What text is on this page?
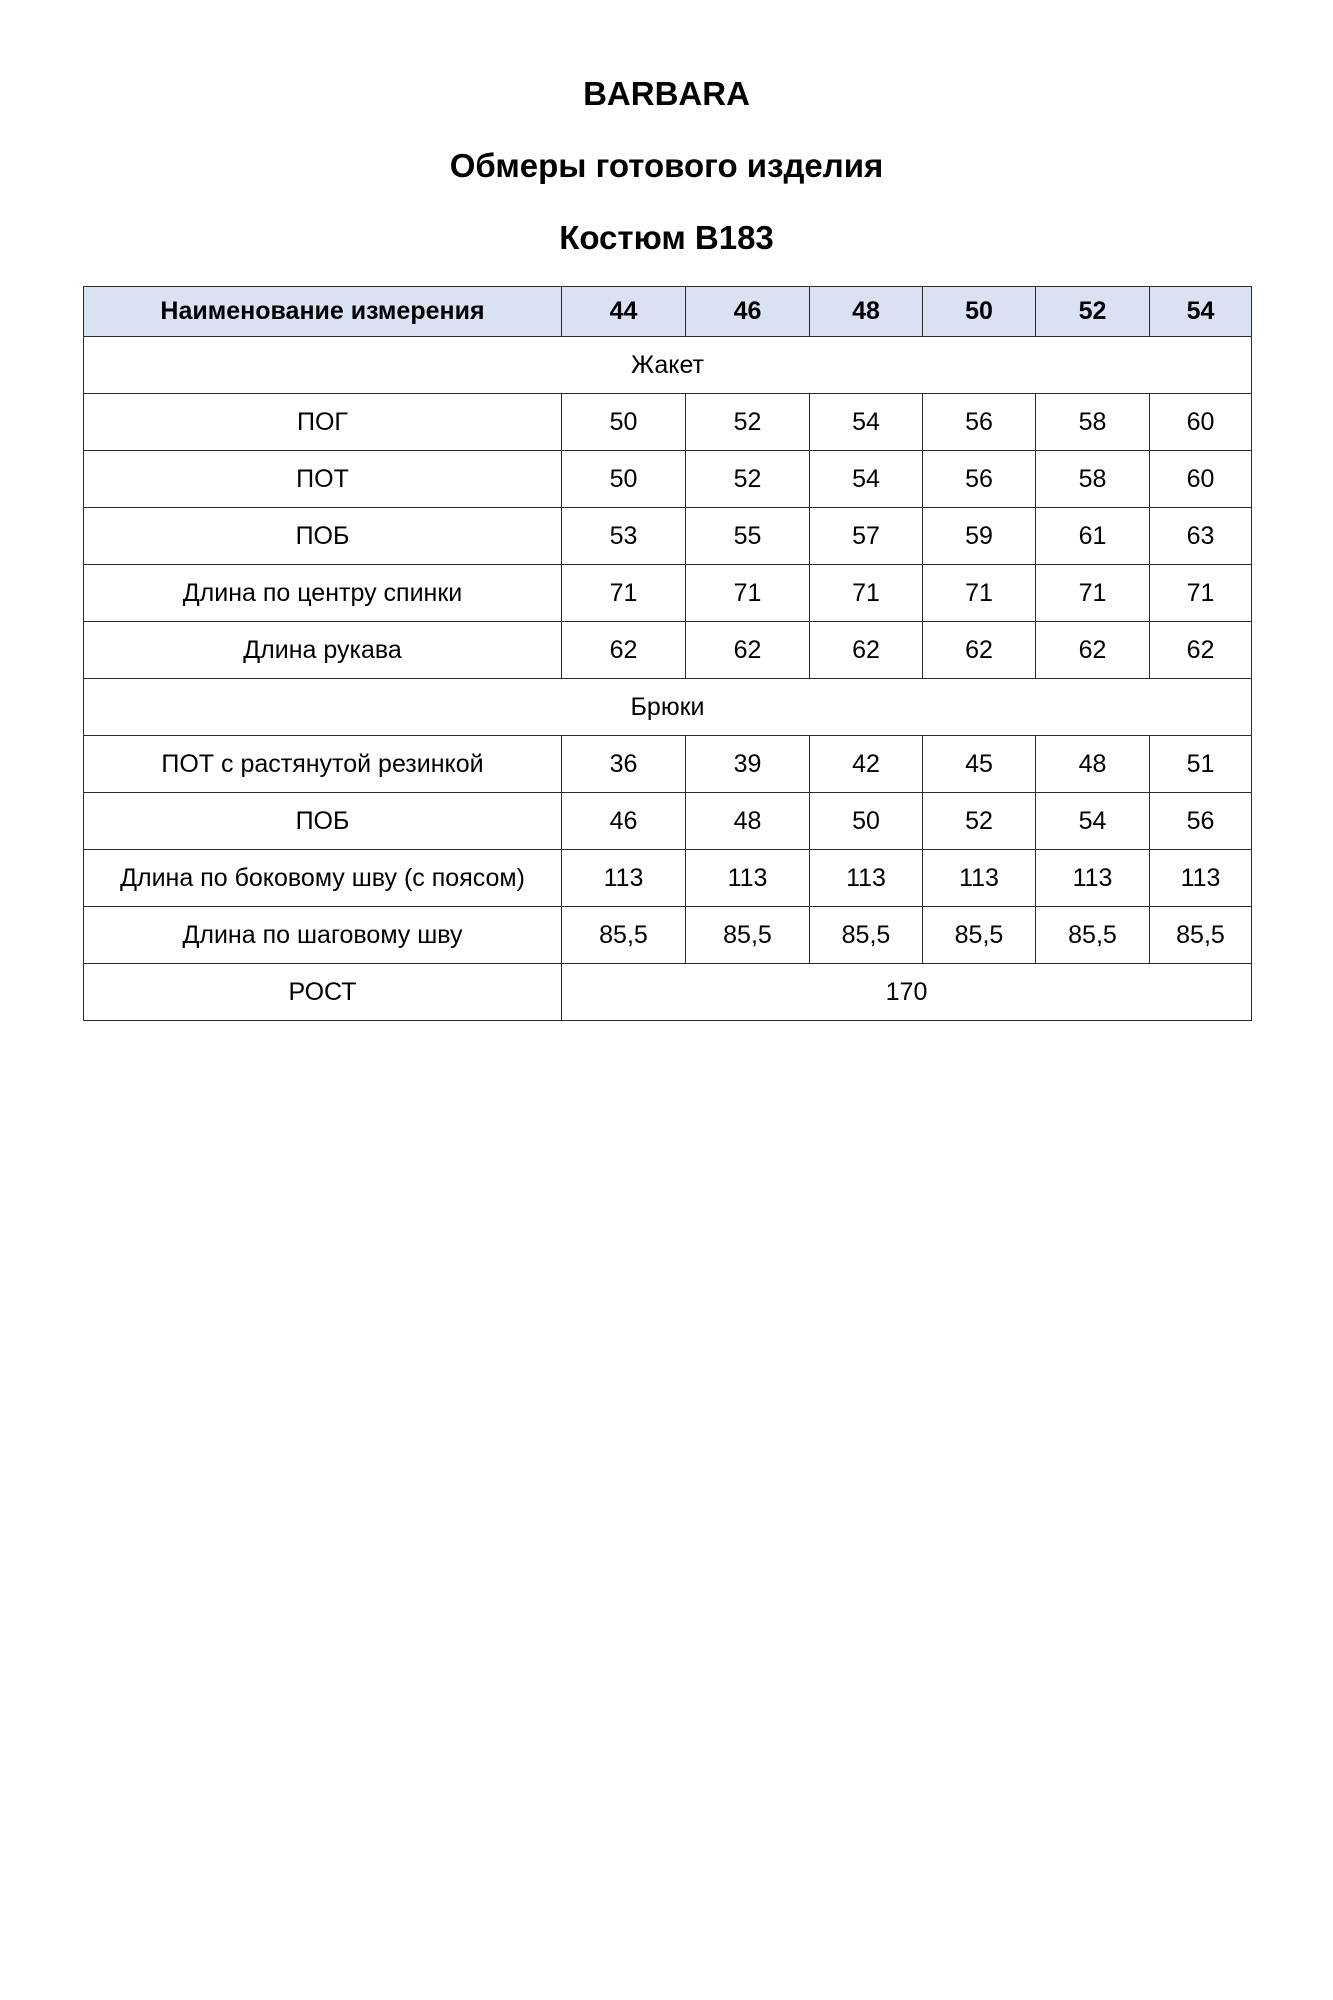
BARBARA
Обмеры готового изделия
Костюм В183
Наименование измерения	44	46	48	50	52	54
Жакет						
ПОГ	50	52	54	56	58	60
ПОТ	50	52	54	56	58	60
ПОБ	53	55	57	59	61	63
Длина по центру спинки	71	71	71	71	71	71
Длина рукава	62	62	62	62	62	62
Брюки						
ПОТ с растянутой резинкой	36	39	42	45	48	51
ПОБ	46	48	50	52	54	56
Длина по боковому шву (с поясом)	113	113	113	113	113	113
Длина по шаговому шву	85,5	85,5	85,5	85,5	85,5	85,5
РОСТ	170					
